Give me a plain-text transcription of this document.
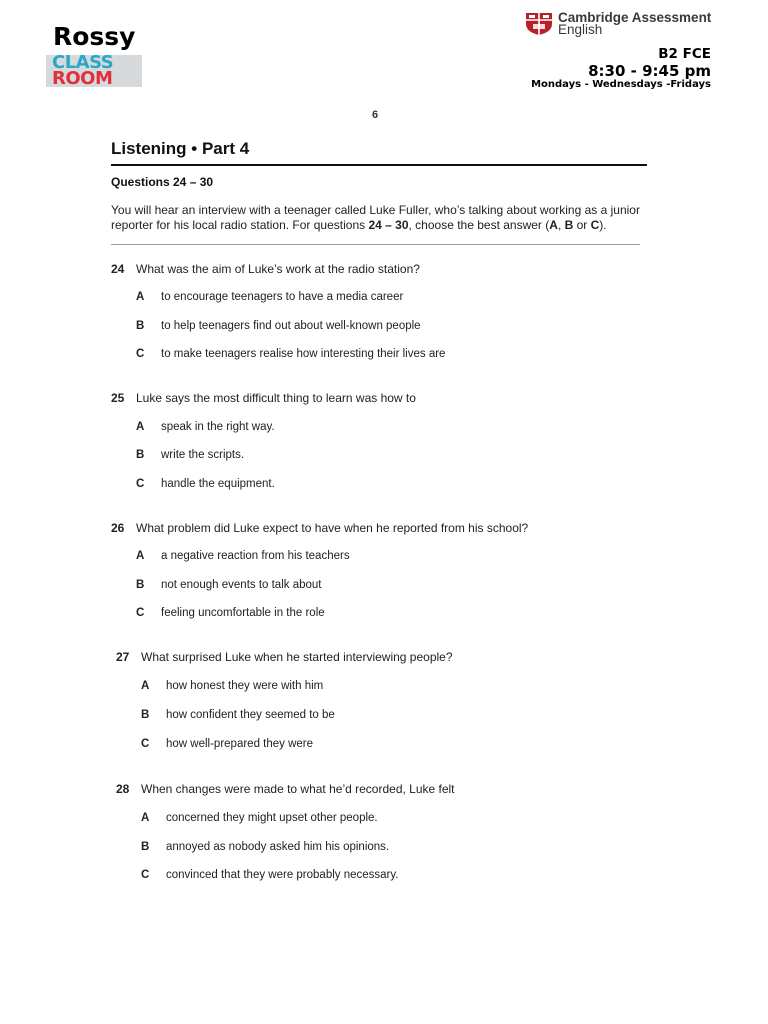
Rossy
CLASS
ROOM
Cambridge Assessment
English
B2 FCE
8:30 - 9:45 pm
Mondays - Wednesdays -Fridays
6
Listening • Part 4
Questions 24 – 30
You will hear an interview with a teenager called Luke Fuller, who’s talking about working as a junior reporter for his local radio station. For questions 24 – 30, choose the best answer (A, B or C).
24 What was the aim of Luke’s work at the radio station?
A to encourage teenagers to have a media career
B to help teenagers find out about well-known people
C to make teenagers realise how interesting their lives are
25 Luke says the most difficult thing to learn was how to
A speak in the right way.
B write the scripts.
C handle the equipment.
26 What problem did Luke expect to have when he reported from his school?
A a negative reaction from his teachers
B not enough events to talk about
C feeling uncomfortable in the role
27 What surprised Luke when he started interviewing people?
A how honest they were with him
B how confident they seemed to be
C how well-prepared they were
28 When changes were made to what he’d recorded, Luke felt
A concerned they might upset other people.
B annoyed as nobody asked him his opinions.
C convinced that they were probably necessary.
